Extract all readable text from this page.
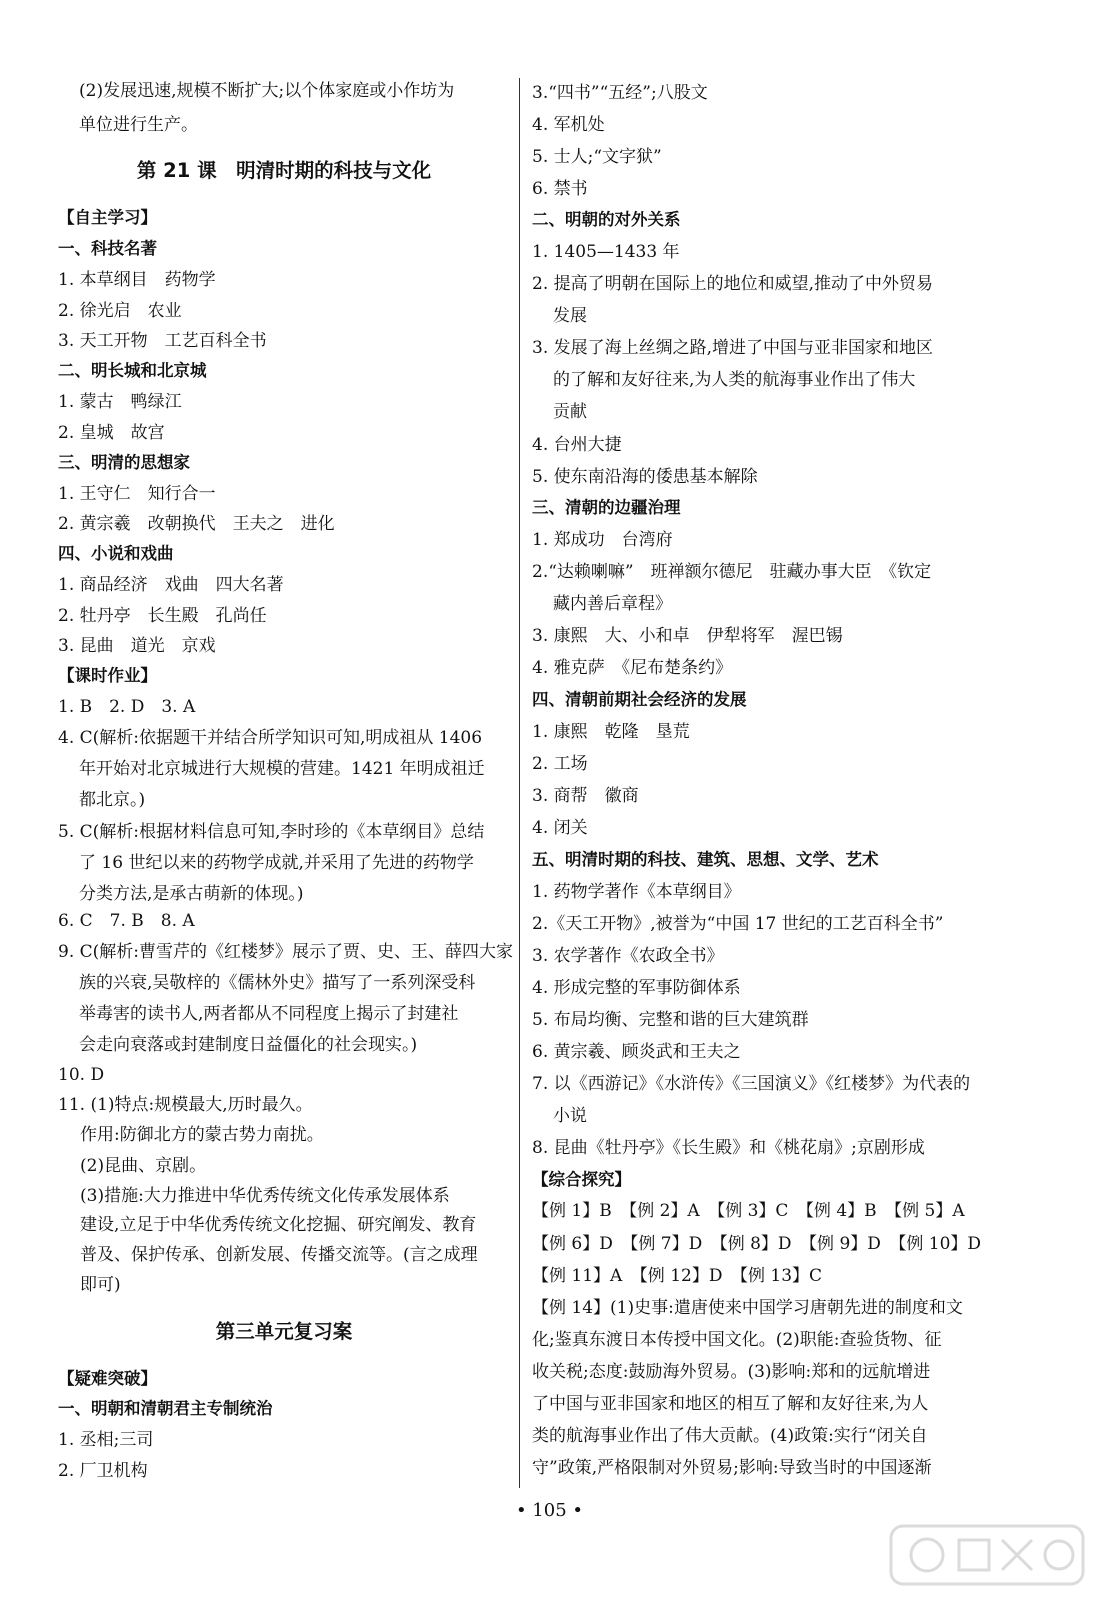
(2)发展迅速,规模不断扩大;以个体家庭或小作坊为
单位进行生产。
第 21 课　明清时期的科技与文化
【自主学习】
一、科技名著
1. 本草纲目　药物学
2. 徐光启　农业
3. 天工开物　工艺百科全书
二、明长城和北京城
1. 蒙古　鸭绿江
2. 皇城　故宫
三、明清的思想家
1. 王守仁　知行合一
2. 黄宗羲　改朝换代　王夫之　进化
四、小说和戏曲
1. 商品经济　戏曲　四大名著
2. 牡丹亭　长生殿　孔尚任
3. 昆曲　道光　京戏
【课时作业】
1. B　2. D　3. A
4. C(解析:依据题干并结合所学知识可知,明成祖从 1406
年开始对北京城进行大规模的营建。1421 年明成祖迁
都北京。)
5. C(解析:根据材料信息可知,李时珍的《本草纲目》总结
了 16 世纪以来的药物学成就,并采用了先进的药物学
分类方法,是承古萌新的体现。)
6. C　7. B　8. A
9. C(解析:曹雪芹的《红楼梦》展示了贾、史、王、薛四大家
族的兴衰,吴敬梓的《儒林外史》描写了一系列深受科
举毒害的读书人,两者都从不同程度上揭示了封建社
会走向衰落或封建制度日益僵化的社会现实。)
10. D
11. (1)特点:规模最大,历时最久。
作用:防御北方的蒙古势力南扰。
(2)昆曲、京剧。
(3)措施:大力推进中华优秀传统文化传承发展体系
建设,立足于中华优秀传统文化挖掘、研究阐发、教育
普及、保护传承、创新发展、传播交流等。(言之成理
即可)
第三单元复习案
【疑难突破】
一、明朝和清朝君主专制统治
1. 丞相;三司
2. 厂卫机构
3.“四书”“五经”;八股文
4. 军机处
5. 士人;“文字狱”
6. 禁书
二、明朝的对外关系
1. 1405—1433 年
2. 提高了明朝在国际上的地位和威望,推动了中外贸易
发展
3. 发展了海上丝绸之路,增进了中国与亚非国家和地区
的了解和友好往来,为人类的航海事业作出了伟大
贡献
4. 台州大捷
5. 使东南沿海的倭患基本解除
三、清朝的边疆治理
1. 郑成功　台湾府
2.“达赖喇嘛”　班禅额尔德尼　驻藏办事大臣　《钦定
藏内善后章程》
3. 康熙　大、小和卓　伊犁将军　渥巴锡
4. 雅克萨　《尼布楚条约》
四、清朝前期社会经济的发展
1. 康熙　乾隆　垦荒
2. 工场
3. 商帮　徽商
4. 闭关
五、明清时期的科技、建筑、思想、文学、艺术
1. 药物学著作《本草纲目》
2.《天工开物》,被誉为“中国 17 世纪的工艺百科全书”
3. 农学著作《农政全书》
4. 形成完整的军事防御体系
5. 布局均衡、完整和谐的巨大建筑群
6. 黄宗羲、顾炎武和王夫之
7. 以《西游记》《水浒传》《三国演义》《红楼梦》为代表的
小说
8. 昆曲《牡丹亭》《长生殿》和《桃花扇》;京剧形成
【综合探究】
【例 1】B　【例 2】A　【例 3】C　【例 4】B　【例 5】A
【例 6】D　【例 7】D　【例 8】D　【例 9】D　【例 10】D
【例 11】A　【例 12】D　【例 13】C
【例 14】(1)史事:遣唐使来中国学习唐朝先进的制度和文
化;鉴真东渡日本传授中国文化。(2)职能:查验货物、征
收关税;态度:鼓励海外贸易。(3)影响:郑和的远航增进
了中国与亚非国家和地区的相互了解和友好往来,为人
类的航海事业作出了伟大贡献。(4)政策:实行“闭关自
守”政策,严格限制对外贸易;影响:导致当时的中国逐渐
• 105 •
